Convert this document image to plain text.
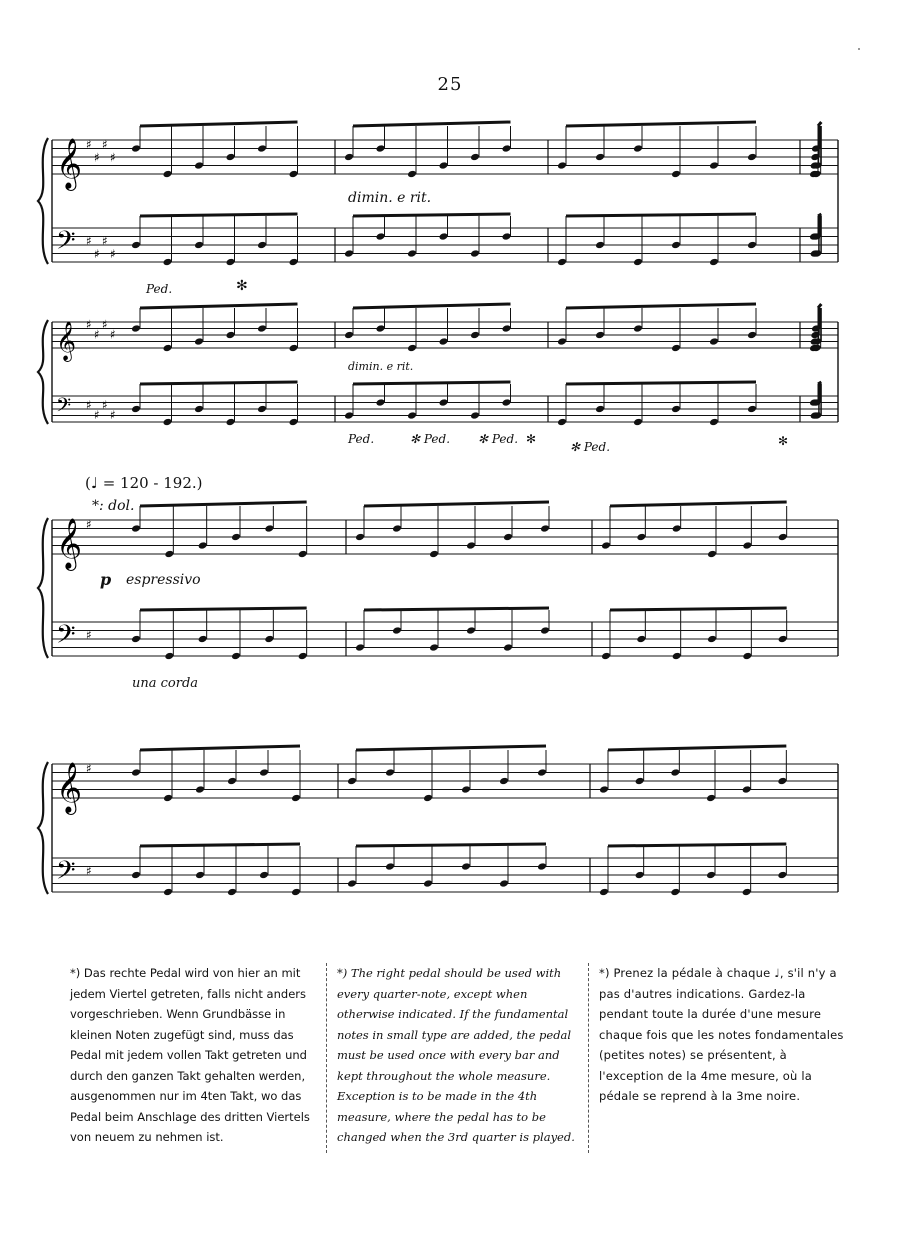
25
𝄞
𝄢
♯
♯
♯
♯
♯
♯
♯
♯
𝄞
𝄢
♯
♯
♯
♯
♯
♯
♯
♯
𝄞
𝄢
♯
♯
𝄞
𝄢
♯
♯
dimin. e rit.
Ped.	✻
dimin. e rit.
Ped.	✻ Ped. ✻ Ped. ✻
✻ Ped.	✻
(♩ = 120 - 192.)
*: dol.
p espressivo
una corda
*) Das rechte Pedal wird von hier an mit jedem Viertel getreten, falls nicht anders vorgeschrieben. Wenn Grundbässe in kleinen Noten zugefügt sind, muss das Pedal mit jedem vollen Takt getreten und durch den ganzen Takt gehalten werden, ausgenommen nur im 4ten Takt, wo das Pedal beim Anschlage des dritten Viertels von neuem zu nehmen ist.
*) The right pedal should be used with every quarter-note, except when otherwise indicated. If the fundamental notes in small type are added, the pedal must be used once with every bar and kept throughout the whole measure. Exception is to be made in the 4th measure, where the pedal has to be changed when the 3rd quarter is played.
*) Prenez la pédale à chaque ♩, s'il n'y a pas d'autres indications. Gardez-la pendant toute la durée d'une mesure chaque fois que les notes fondamentales (petites notes) se présentent, à l'exception de la 4me mesure, où la pédale se reprend à la 3me noire.
